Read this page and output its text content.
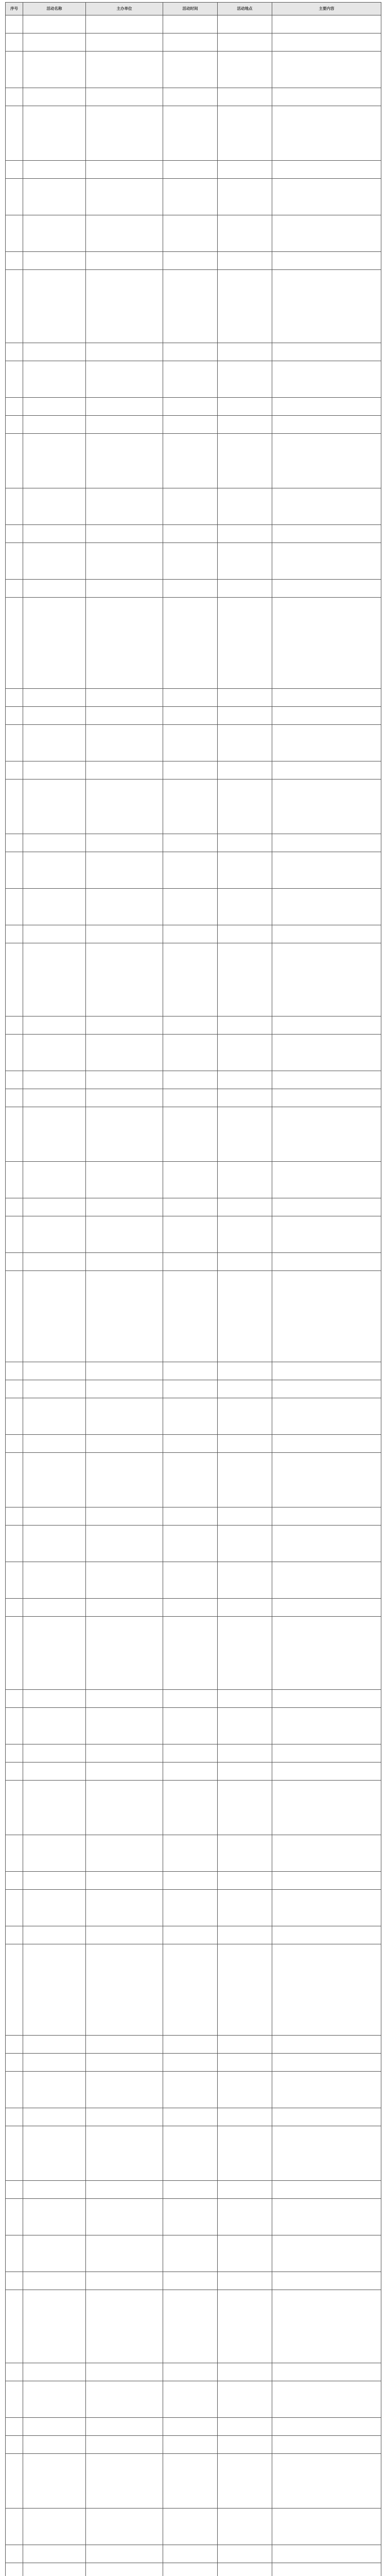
序号	活动名称	主办单位	活动时间	活动地点	主要内容
